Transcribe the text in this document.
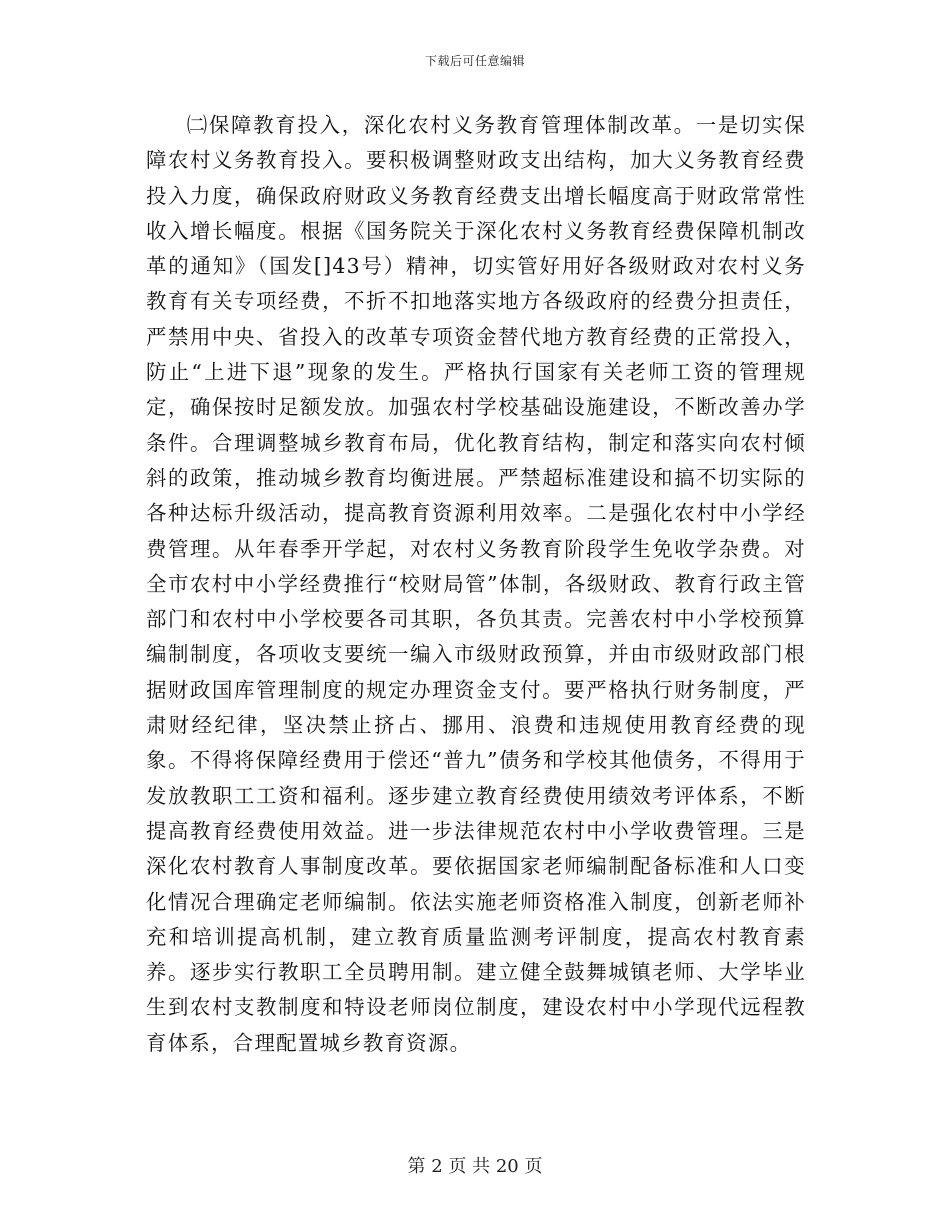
下载后可任意编辑

㈡保障教育投入，深化农村义务教育管理体制改革。一是切实保障农村义务教育投入。要积极调整财政支出结构，加大义务教育经费投入力度，确保政府财政义务教育经费支出增长幅度高于财政常常性收入增长幅度。根据《国务院关于深化农村义务教育经费保障机制改革的通知》（国发[]43号）精神，切实管好用好各级财政对农村义务教育有关专项经费，不折不扣地落实地方各级政府的经费分担责任，严禁用中央、省投入的改革专项资金替代地方教育经费的正常投入，防止“上进下退”现象的发生。严格执行国家有关老师工资的管理规定，确保按时足额发放。加强农村学校基础设施建设，不断改善办学条件。合理调整城乡教育布局，优化教育结构，制定和落实向农村倾斜的政策，推动城乡教育均衡进展。严禁超标准建设和搞不切实际的各种达标升级活动，提高教育资源利用效率。二是强化农村中小学经费管理。从年春季开学起，对农村义务教育阶段学生免收学杂费。对全市农村中小学经费推行“校财局管”体制，各级财政、教育行政主管部门和农村中小学校要各司其职，各负其责。完善农村中小学校预算编制制度，各项收支要统一编入市级财政预算，并由市级财政部门根据财政国库管理制度的规定办理资金支付。要严格执行财务制度，严肃财经纪律，坚决禁止挤占、挪用、浪费和违规使用教育经费的现象。不得将保障经费用于偿还“普九”债务和学校其他债务，不得用于发放教职工工资和福利。逐步建立教育经费使用绩效考评体系，不断提高教育经费使用效益。进一步法律规范农村中小学收费管理。三是深化农村教育人事制度改革。要依据国家老师编制配备标准和人口变化情况合理确定老师编制。依法实施老师资格准入制度，创新老师补充和培训提高机制，建立教育质量监测考评制度，提高农村教育素养。逐步实行教职工全员聘用制。建立健全鼓舞城镇老师、大学毕业生到农村支教制度和特设老师岗位制度，建设农村中小学现代远程教育体系，合理配置城乡教育资源。

第 2 页 共 20 页
